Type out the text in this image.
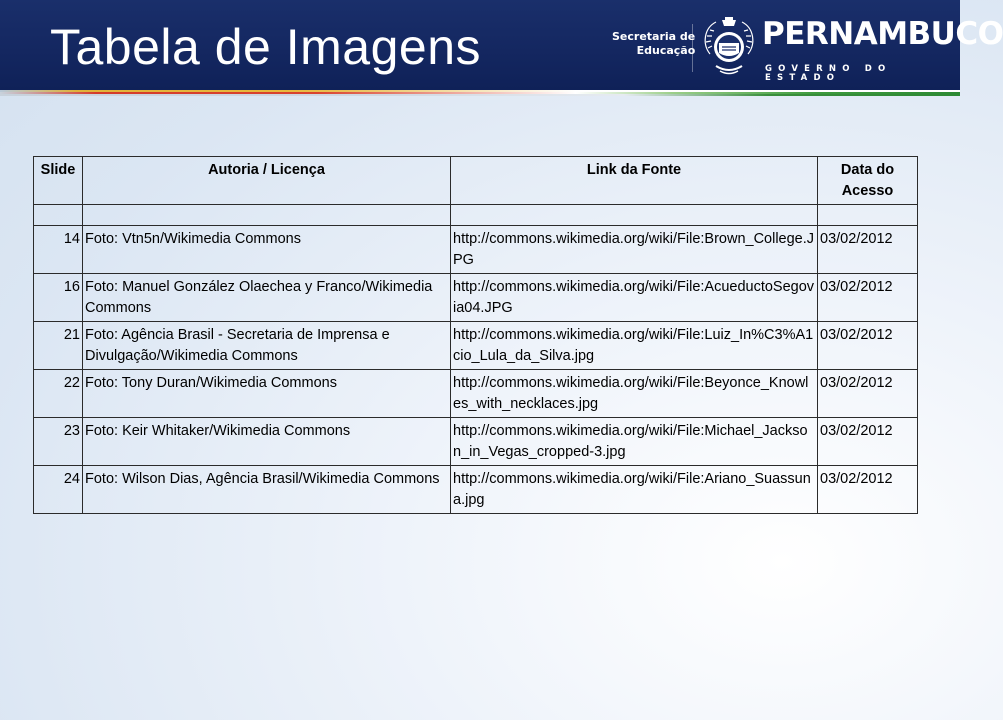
Tabela de Imagens	Secretaria de
Educação PERNAMBUCO
GOVERNO DO ESTADO
Slide	Autoria / Licença	Link da Fonte	Data do Acesso

14	Foto: Vtn5n/Wikimedia Commons	http://commons.wikimedia.org/wiki/File:Brown_College.JPG	03/02/2012
16	Foto: Manuel González Olaechea y Franco/Wikimedia Commons	http://commons.wikimedia.org/wiki/File:AcueductoSegovia04.JPG	03/02/2012
21	Foto: Agência Brasil - Secretaria de Imprensa e Divulgação/Wikimedia Commons	http://commons.wikimedia.org/wiki/File:Luiz_In%C3%A1cio_Lula_da_Silva.jpg	03/02/2012
22	Foto: Tony Duran/Wikimedia Commons	http://commons.wikimedia.org/wiki/File:Beyonce_Knowles_with_necklaces.jpg	03/02/2012
23	Foto: Keir Whitaker/Wikimedia Commons	http://commons.wikimedia.org/wiki/File:Michael_Jackson_in_Vegas_cropped-3.jpg	03/02/2012
24	Foto: Wilson Dias, Agência Brasil/Wikimedia Commons	http://commons.wikimedia.org/wiki/File:Ariano_Suassuna.jpg	03/02/2012
